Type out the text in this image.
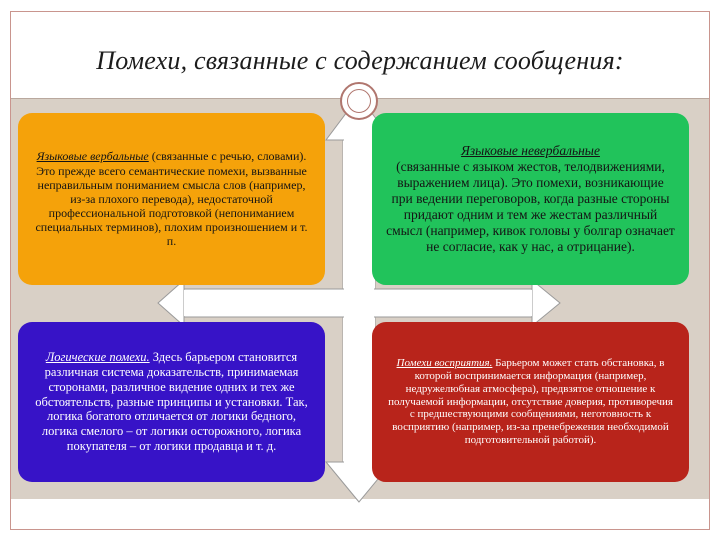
Помехи, связанные с содержанием сообщения:
Языковые вербальные (связанные с речью, словами). Это прежде всего семантические помехи, вызванные неправильным пониманием смысла слов (например, из-за плохого перевода), недостаточной профессиональной подготовкой (непониманием специальных терминов), плохим произношением и т. п.
Языковые невербальные
(связанные с языком жестов, телодвижениями, выражением лица). Это помехи, возникающие при ведении переговоров, когда разные стороны придают одним и тем же жестам различный смысл (например, кивок головы у болгар означает не согласие, как у нас, а отрицание).
Логические помехи. Здесь барьером становится различная система доказательств, принимаемая сторонами, различное видение одних и тех же обстоятельств, разные принципы и установки. Так, логика богатого отличается от логики бедного, логика смелого – от логики осторожного, логика покупателя – от логики продавца и т. д.
Помехи восприятия. Барьером может стать обстановка, в которой воспринимается информация (например, недружелюбная атмосфера), предвзятое отношение к получаемой информации, отсутствие доверия, противоречия с предшествующими сообщениями, неготовность к восприятию (например, из-за пренебрежения необходимой подготовительной работой).
